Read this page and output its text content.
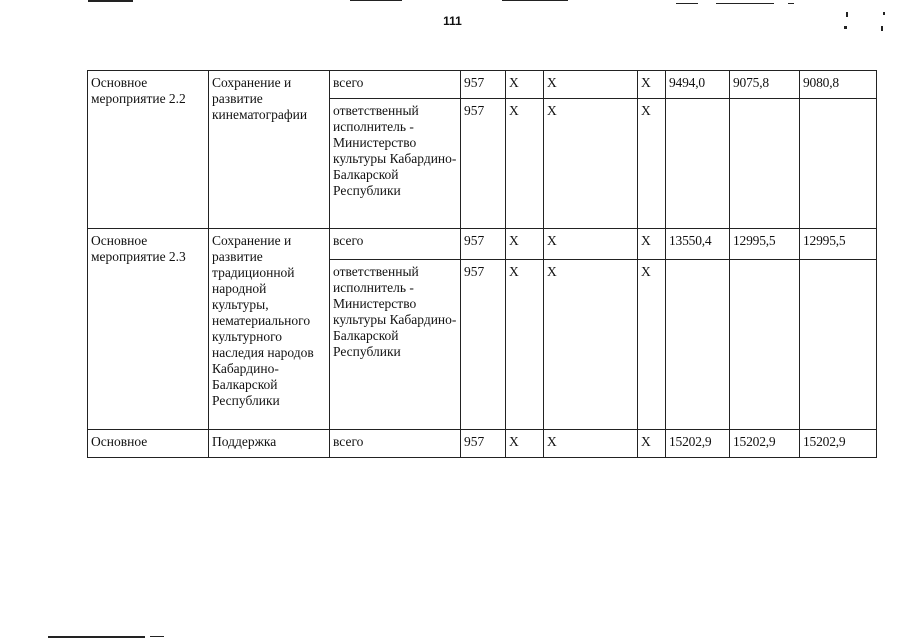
111
Основное мероприятие 2.2	Сохранение и развитие кинематографии	всего	957	Х	Х	Х	9494,0	9075,8	9080,8
		ответственный исполнитель - Министерство культуры Кабардино-Балкарской Республики	957	Х	Х	Х			
Основное мероприятие 2.3	Сохранение и развитие традиционной народной культуры, нематериального культурного наследия народов Кабардино-Балкарской Республики	всего	957	Х	Х	Х	13550,4	12995,5	12995,5
		ответственный исполнитель - Министерство культуры Кабардино-Балкарской Республики	957	Х	Х	Х			
Основное	Поддержка	всего	957	Х	Х	Х	15202,9	15202,9	15202,9
